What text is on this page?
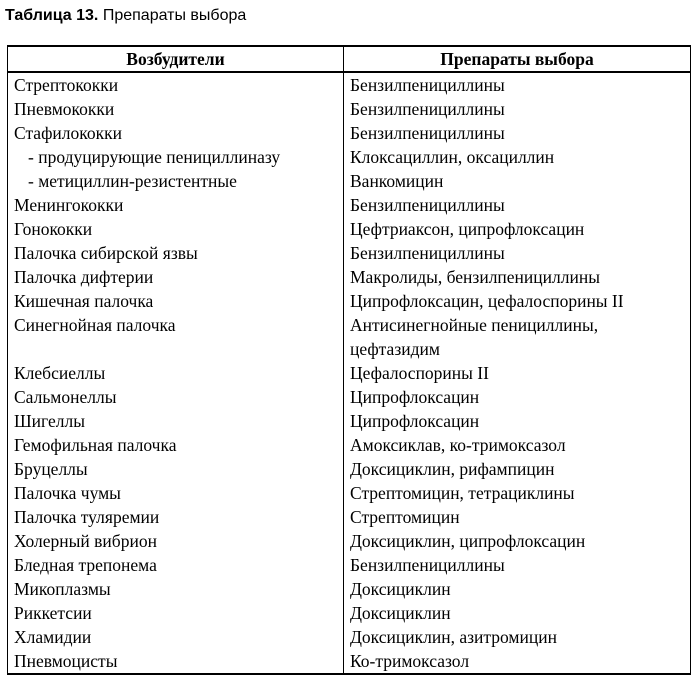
Таблица 13. Препараты выбора
Возбудители	Препараты выбора
Стрептококки	Бензилпенициллины
Пневмококки	Бензилпенициллины
Стафилококки	Бензилпенициллины
- продуцирующие пенициллиназу	Клоксациллин, оксациллин
- метициллин-резистентные	Ванкомицин
Менингококки	Бензилпенициллины
Гонококки	Цефтриаксон, ципрофлоксацин
Палочка сибирской язвы	Бензилпенициллины
Палочка дифтерии	Макролиды, бензилпенициллины
Кишечная палочка	Ципрофлоксацин, цефалоспорины II
Синегнойная палочка	Антисинегнойные пенициллины, цефтазидим
Клебсиеллы	Цефалоспорины II
Сальмонеллы	Ципрофлоксацин
Шигеллы	Ципрофлоксацин
Гемофильная палочка	Амоксиклав, ко-тримоксазол
Бруцеллы	Доксициклин, рифампицин
Палочка чумы	Стрептомицин, тетрациклины
Палочка туляремии	Стрептомицин
Холерный вибрион	Доксициклин, ципрофлоксацин
Бледная трепонема	Бензилпенициллины
Микоплазмы	Доксициклин
Риккетсии	Доксициклин
Хламидии	Доксициклин, азитромицин
Пневмоцисты	Ко-тримоксазол
